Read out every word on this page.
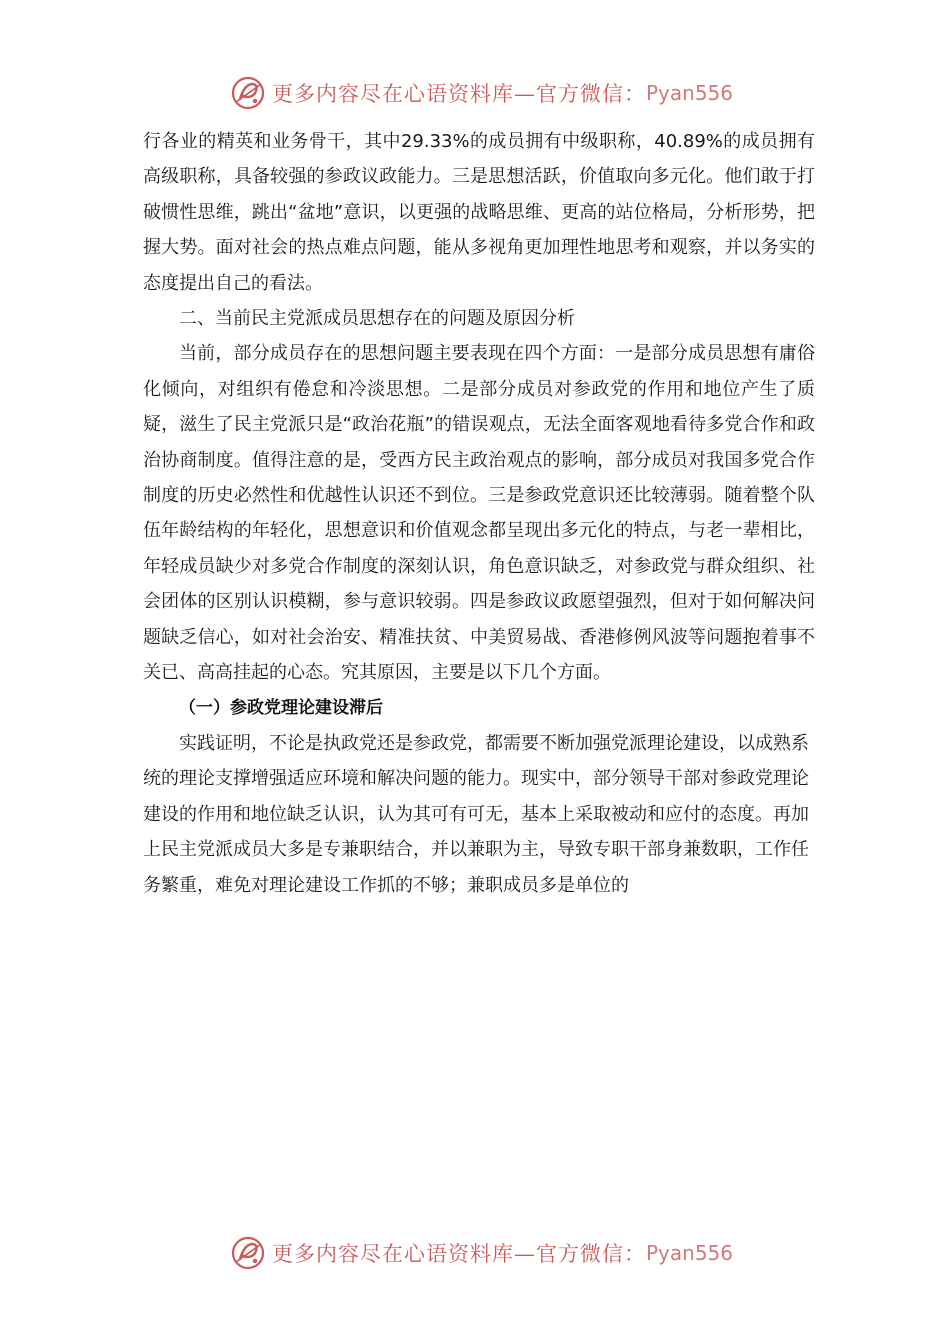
更多内容尽在心语资料库—官方微信： Pyan556

行各业的精英和业务骨干，其中29.33%的成员拥有中级职称，40.89%的成员拥有高级职称，具备较强的参政议政能力。三是思想活跃，价值取向多元化。他们敢于打破惯性思维，跳出“盆地”意识，以更强的战略思维、更高的站位格局，分析形势，把握大势。面对社会的热点难点问题，能从多视角更加理性地思考和观察，并以务实的态度提出自己的看法。

二、当前民主党派成员思想存在的问题及原因分析

当前，部分成员存在的思想问题主要表现在四个方面：一是部分成员思想有庸俗化倾向，对组织有倦怠和冷淡思想。二是部分成员对参政党的作用和地位产生了质疑，滋生了民主党派只是“政治花瓶”的错误观点，无法全面客观地看待多党合作和政治协商制度。值得注意的是，受西方民主政治观点的影响，部分成员对我国多党合作制度的历史必然性和优越性认识还不到位。三是参政党意识还比较薄弱。随着整个队伍年龄结构的年轻化，思想意识和价值观念都呈现出多元化的特点，与老一辈相比，年轻成员缺少对多党合作制度的深刻认识，角色意识缺乏，对参政党与群众组织、社会团体的区别认识模糊，参与意识较弱。四是参政议政愿望强烈，但对于如何解决问题缺乏信心，如对社会治安、精准扶贫、中美贸易战、香港修例风波等问题抱着事不关已、高高挂起的心态。究其原因，主要是以下几个方面。

（一）参政党理论建设滞后

实践证明，不论是执政党还是参政党，都需要不断加强党派理论建设，以成熟系统的理论支撑增强适应环境和解决问题的能力。现实中，部分领导干部对参政党理论建设的作用和地位缺乏认识，认为其可有可无，基本上采取被动和应付的态度。再加上民主党派成员大多是专兼职结合，并以兼职为主，导致专职干部身兼数职，工作任务繁重，难免对理论建设工作抓的不够；兼职成员多是单位的

更多内容尽在心语资料库—官方微信： Pyan556
